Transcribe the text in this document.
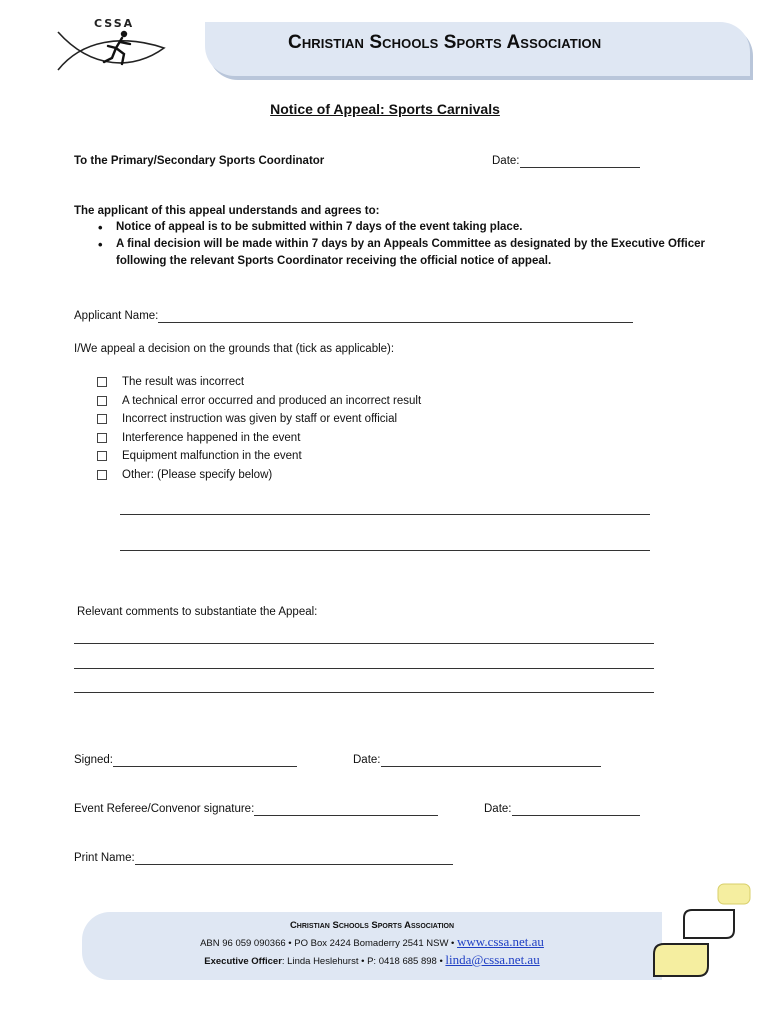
CSSA
Christian Schools Sports Association
Notice of Appeal: Sports Carnivals
To the Primary/Secondary Sports Coordinator	Date:
The applicant of this appeal understands and agrees to:
• Notice of appeal is to be submitted within 7 days of the event taking place.
• A final decision will be made within 7 days by an Appeals Committee as designated by the Executive Officer following the relevant Sports Coordinator receiving the official notice of appeal.
Applicant Name:
I/We appeal a decision on the grounds that (tick as applicable):
The result was incorrect
A technical error occurred and produced an incorrect result
Incorrect instruction was given by staff or event official
Interference happened in the event
Equipment malfunction in the event
Other: (Please specify below)
Relevant comments to substantiate the Appeal:
Signed:	Date:
Event Referee/Convenor signature:	Date:
Print Name:
Christian Schools Sports Association
ABN 96 059 090366 • PO Box 2424 Bomaderry 2541 NSW • www.cssa.net.au
Executive Officer: Linda Heslehurst • P: 0418 685 898 • linda@cssa.net.au
